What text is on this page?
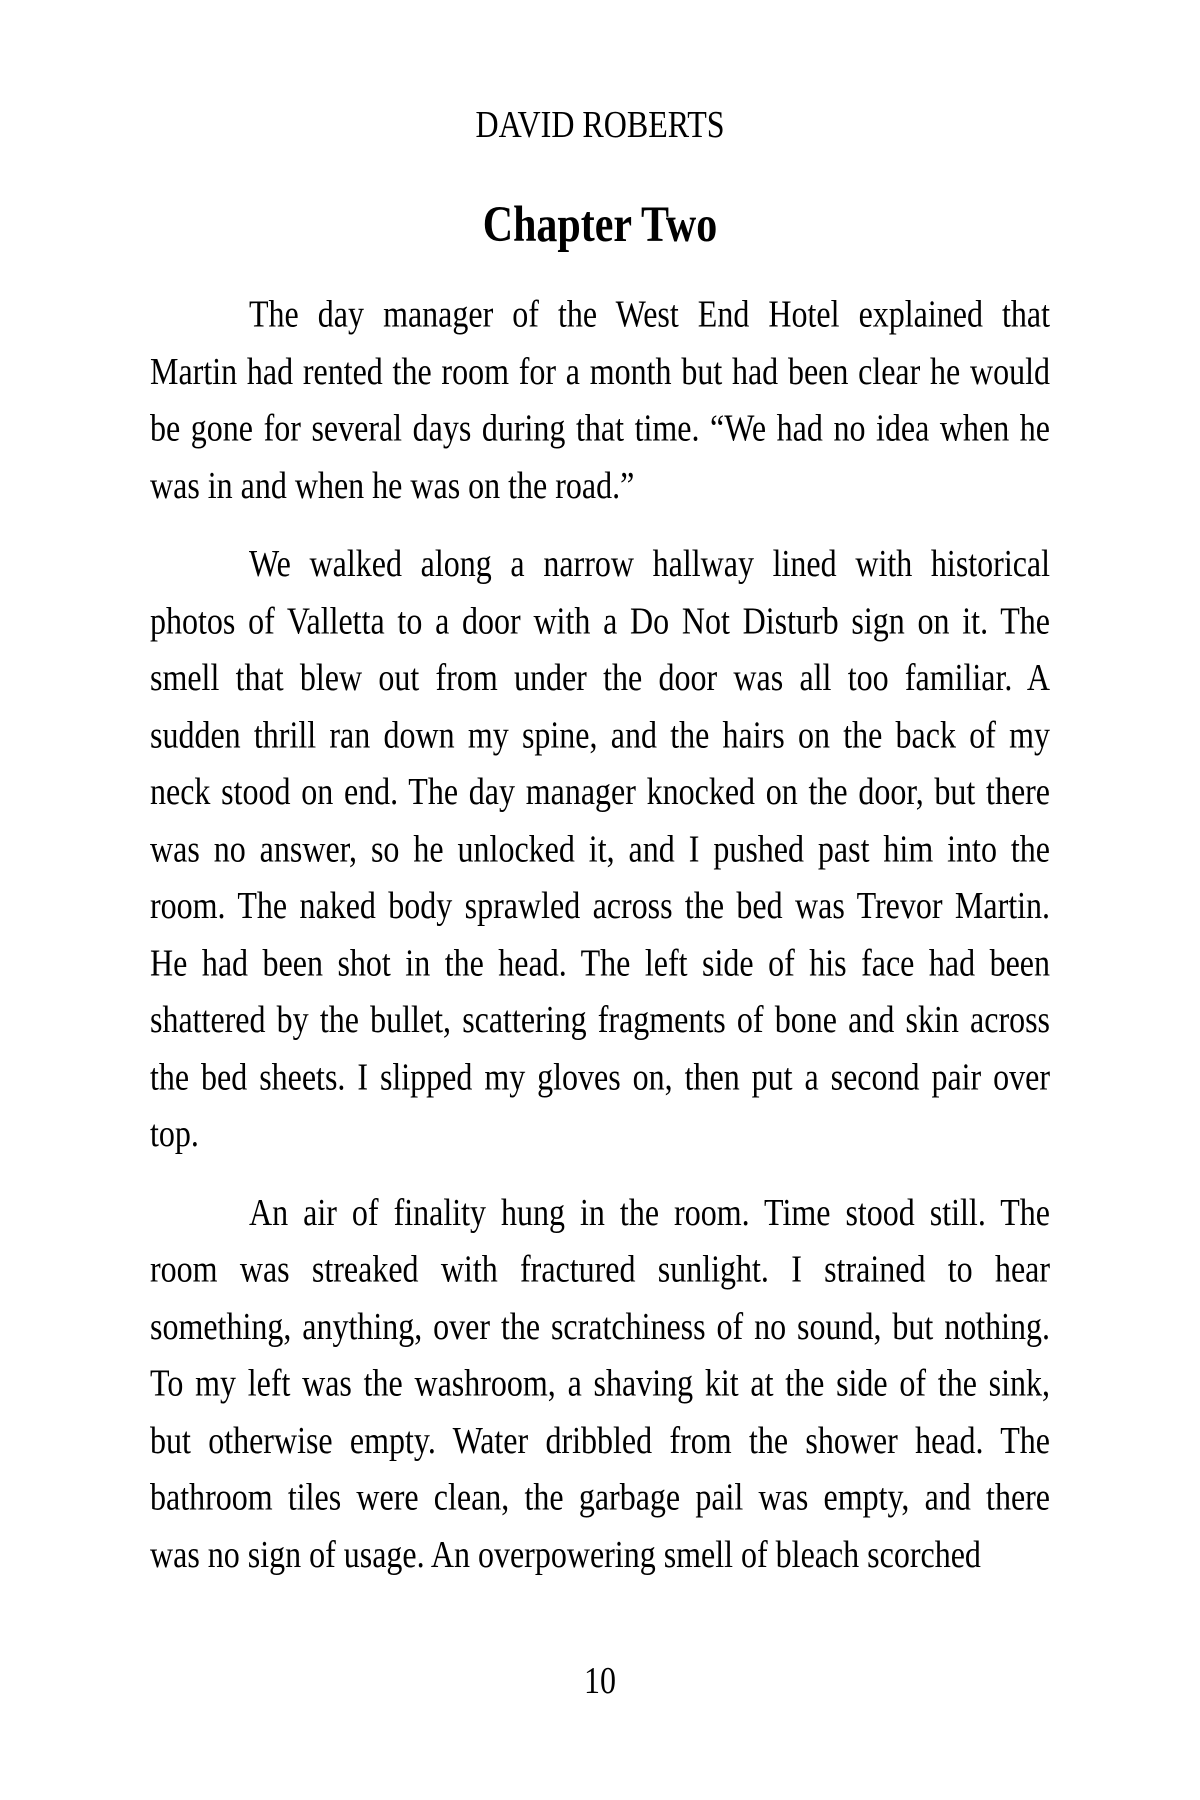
DAVID ROBERTS
Chapter Two
The day manager of the West End Hotel explained that
Martin had rented the room for a month but had been clear he would
be gone for several days during that time. “We had no idea when he
was in and when he was on the road.”
We walked along a narrow hallway lined with historical
photos of Valletta to a door with a Do Not Disturb sign on it. The
smell that blew out from under the door was all too familiar. A
sudden thrill ran down my spine, and the hairs on the back of my
neck stood on end. The day manager knocked on the door, but there
was no answer, so he unlocked it, and I pushed past him into the
room. The naked body sprawled across the bed was Trevor Martin.
He had been shot in the head. The left side of his face had been
shattered by the bullet, scattering fragments of bone and skin across
the bed sheets. I slipped my gloves on, then put a second pair over
top.
An air of finality hung in the room. Time stood still. The
room was streaked with fractured sunlight. I strained to hear
something, anything, over the scratchiness of no sound, but nothing.
To my left was the washroom, a shaving kit at the side of the sink,
but otherwise empty. Water dribbled from the shower head. The
bathroom tiles were clean, the garbage pail was empty, and there
was no sign of usage. An overpowering smell of bleach scorched
10
